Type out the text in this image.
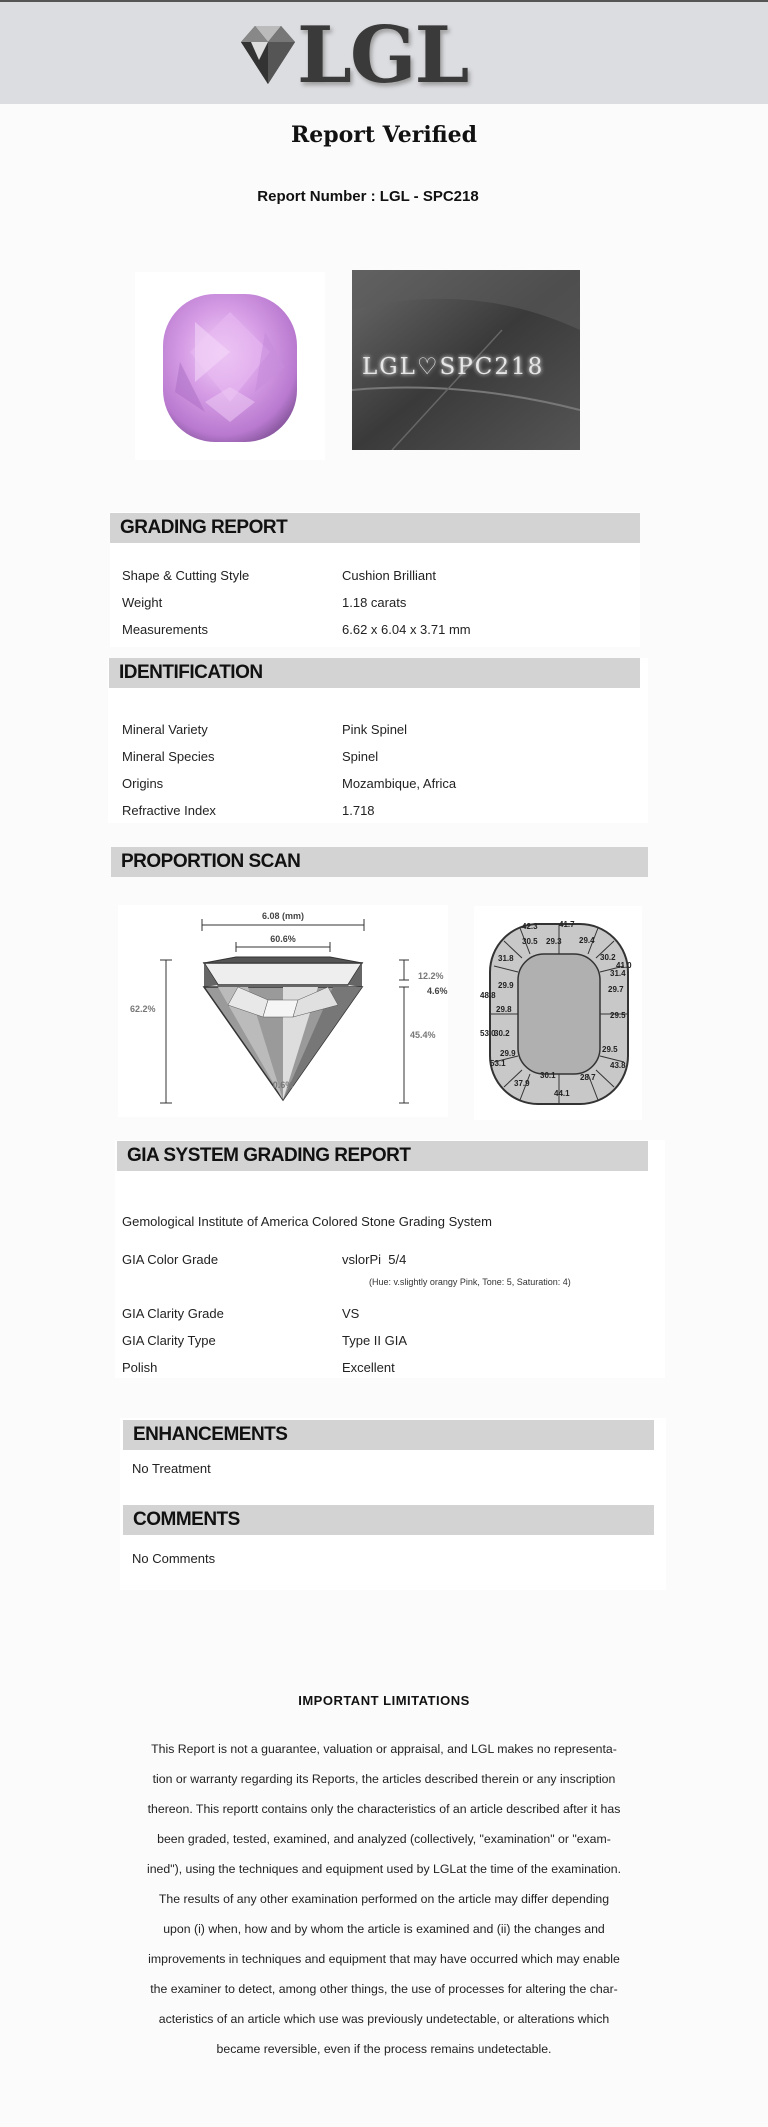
LGL
Report Verified
Report Number : LGL - SPC218
LGL♡SPC218
GRADING REPORT
Shape & Cutting Style	Cushion Brilliant
Weight	1.18 carats
Measurements	6.62 x 6.04 x 3.71 mm
IDENTIFICATION
Mineral Variety	Pink Spinel
Mineral Species	Spinel
Origins	Mozambique, Africa
Refractive Index	1.718
PROPORTION SCAN
6.08 (mm)
60.6%
62.2%
12.2%
4.6%
45.4%
0.6%
42.3	41.7
30.5 29.3 29.4
31.8	30.2
41.0
31.4
29.9	29.7
48.8
29.8
29.5
53.0
30.2
29.9	29.5
53.1	43.8
37.9
30.1	28.7
44.1
GIA SYSTEM GRADING REPORT
Gemological Institute of America Colored Stone Grading System
GIA Color Grade	vslorPi  5/4
(Hue: v.slightly orangy Pink, Tone: 5, Saturation: 4)
GIA Clarity Grade	VS
GIA Clarity Type	Type II GIA
Polish	Excellent
ENHANCEMENTS
No Treatment
COMMENTS
No Comments
IMPORTANT LIMITATIONS
This Report is not a guarantee, valuation or appraisal, and LGL makes no representa-
tion or warranty regarding its Reports, the articles described therein or any inscription
thereon. This reportt contains only the characteristics of an article described after it has
been graded, tested, examined, and analyzed (collectively, "examination" or "exam-
ined"), using the techniques and equipment used by LGLat the time of the examination.
The results of any other examination performed on the article may differ depending
upon (i) when, how and by whom the article is examined and (ii) the changes and
improvements in techniques and equipment that may have occurred which may enable
the examiner to detect, among other things, the use of processes for altering the char-
acteristics of an article which use was previously undetectable, or alterations which
became reversible, even if the process remains undetectable.
